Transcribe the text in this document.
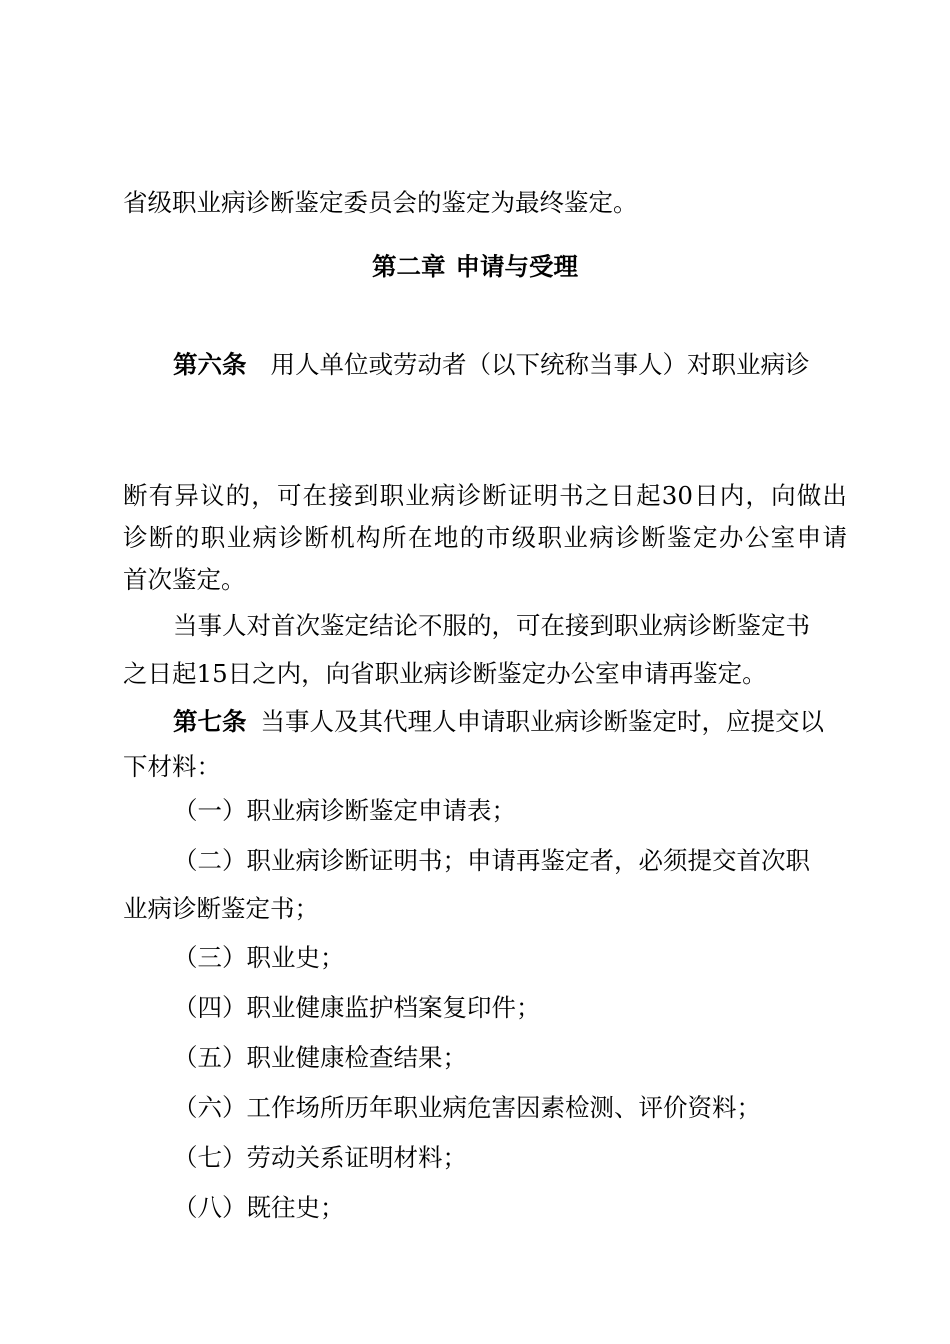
省级职业病诊断鉴定委员会的鉴定为最终鉴定。
第二章 申请与受理
第六条 用人单位或劳动者（以下统称当事人）对职业病诊
断 有 异 议 的 ， 可 在 接 到 职 业 病 诊 断 证 明 书 之 日 起 30 日 内 ， 向 做 出
诊 断 的 职 业 病 诊 断 机 构 所 在 地 的 市 级 职 业 病 诊 断 鉴 定 办 公 室 申 请
首次鉴定。
当事人对首次鉴定结论不服的，可在接到职业病诊断鉴定书
之日起15日之内，向省职业病诊断鉴定办公室申请再鉴定。
第七条 当事人及其代理人申请职业病诊断鉴定时，应提交以
下材料：
（一）职业病诊断鉴定申请表；
（二）职业病诊断证明书；申请再鉴定者，必须提交首次职
业病诊断鉴定书；
（三）职业史；
（四）职业健康监护档案复印件；
（五）职业健康检查结果；
（六）工作场所历年职业病危害因素检测、评价资料；
（七）劳动关系证明材料；
（八）既往史；
